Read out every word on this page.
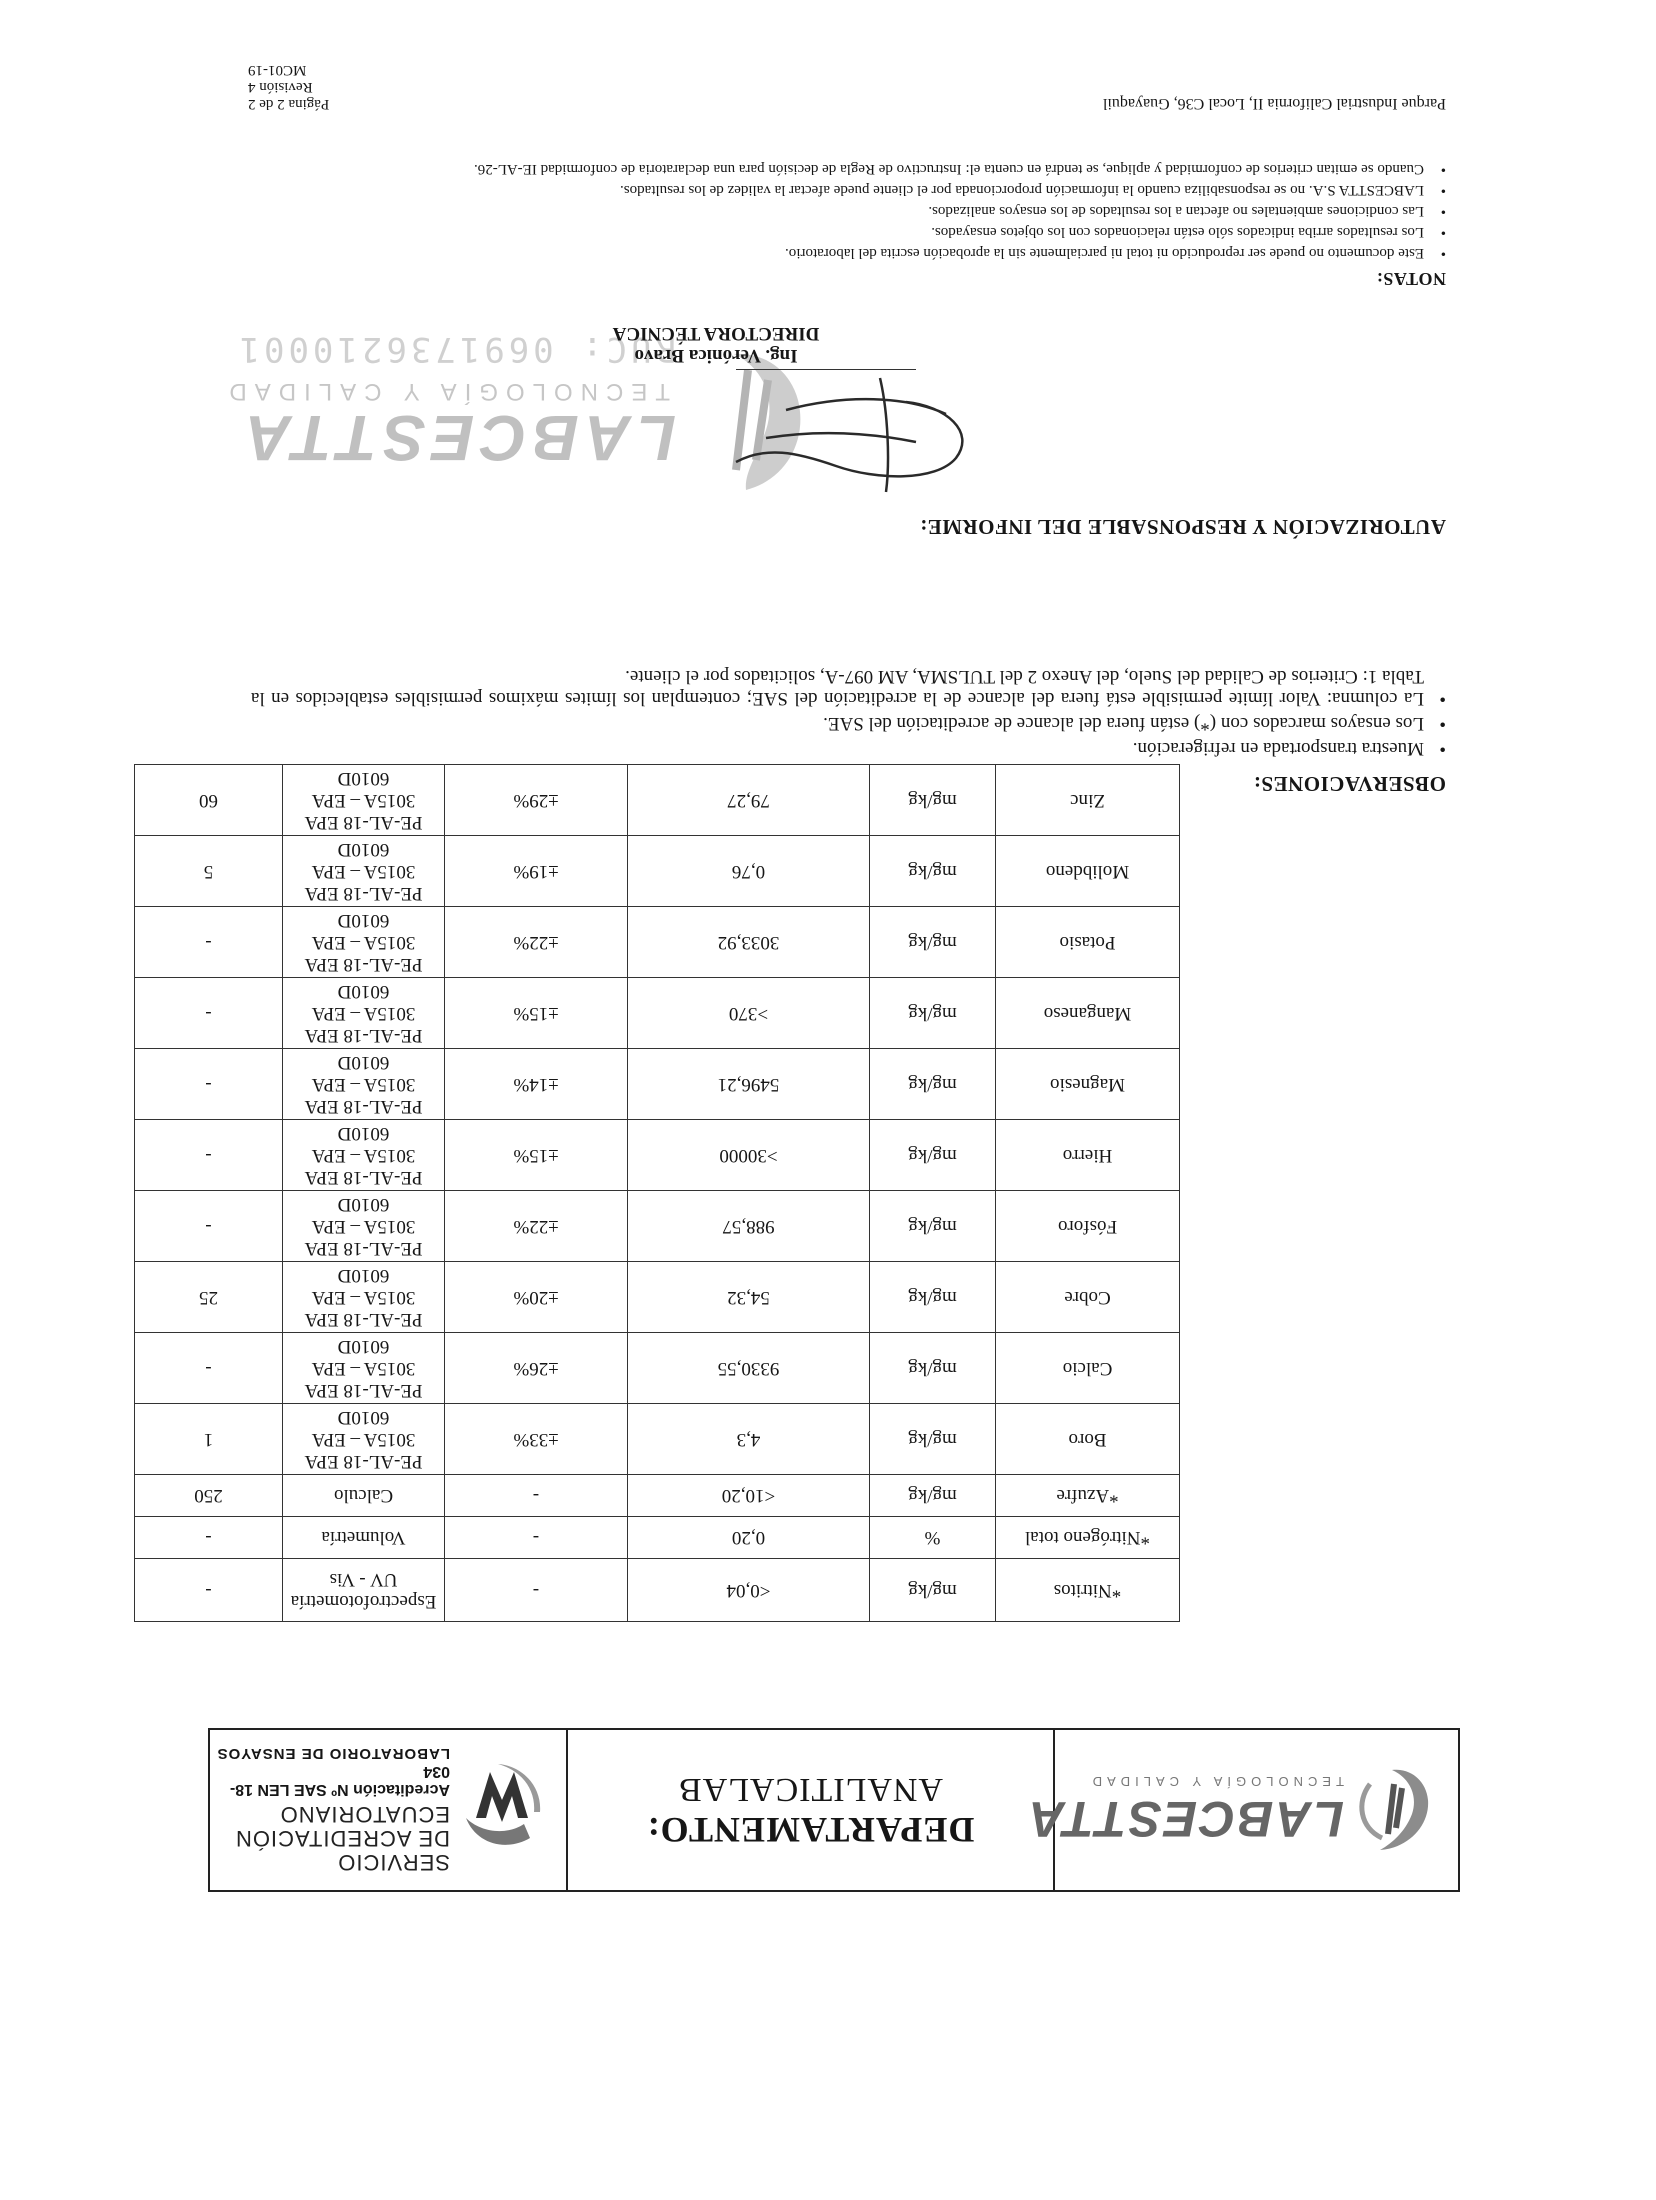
LABCESTTA
TECNOLOGÍA Y CALIDAD
DEPARTAMENTO:
ANALITICALAB
SERVICIO
DE ACREDITACIÓN
ECUATORIANO
Acreditación Nº SAE LEN 18-034
LABORATORIO DE ENSAYOS
*Nitritos	mg/kg	<0,04	-	Espectrofotometría UV - Vis	-
*Nitrógeno total	%	0,20	-	Volumetría	-
*Azufre	mg/kg	<10,20	-	Calculo	250
Boro	mg/kg	4,3	±33%	PE-AL-18 EPA 3015A – EPA 6010D	1
Calcio	mg/kg	9330,55	±26%	PE-AL-18 EPA 3015A – EPA 6010D	-
Cobre	mg/kg	54,32	±20%	PE-AL-18 EPA 3015A – EPA 6010D	25
Fósforo	mg/kg	988,57	±22%	PE-AL-18 EPA 3015A – EPA 6010D	-
Hierro	mg/kg	>30000	±15%	PE-AL-18 EPA 3015A – EPA 6010D	-
Magnesio	mg/kg	5496,21	±14%	PE-AL-18 EPA 3015A – EPA 6010D	-
Manganeso	mg/kg	>370	±15%	PE-AL-18 EPA 3015A – EPA 6010D	-
Potasio	mg/kg	3033,92	±22%	PE-AL-18 EPA 3015A – EPA 6010D	-
Molibdeno	mg/kg	0,76	±19%	PE-AL-18 EPA 3015A – EPA 6010D	5
Zinc	mg/kg	79,27	±29%	PE-AL-18 EPA 3015A – EPA 6010D	60
OBSERVACIONES:
• Muestra transportada en refrigeración.
• Los ensayos marcados con (*) están fuera del alcance de acreditación del SAE.
• La columna: Valor límite permisible está fuera del alcance de la acreditación del SAE; contemplan los límites máximos permisibles establecidos en la Tabla 1: Criterios de Calidad del Suelo, del Anexo 2 del TULSMA, AM 097-A, solicitados por el cliente.
AUTORIZACIÓN Y RESPONSABLE DEL INFORME:
LABCESTTA
TECNOLOGÍA Y CALIDAD
RUC: 0691736210001
Ing. Verónica Bravo
DIRECTORA TÉCNICA
NOTAS:
• Este documento no puede ser reproducido ni total ni parcialmente sin la aprobación escrita del laboratorio.
• Los resultados arriba indicados sólo están relacionados con los objetos ensayados.
• Las condiciones ambientales no afectan a los resultados de los ensayos analizados.
• LABCESTTA S.A. no se responsabiliza cuando la información proporcionada por el cliente puede afectar la validez de los resultados.
• Cuando se emitan criterios de conformidad y aplique, se tendrá en cuenta el: Instructivo de Regla de decisión para una declaratoria de conformidad IE-AL-26.
Parque Industrial California II, Local C36, Guayaquil
Página 2 de 2
Revisión 4
MC01-19
